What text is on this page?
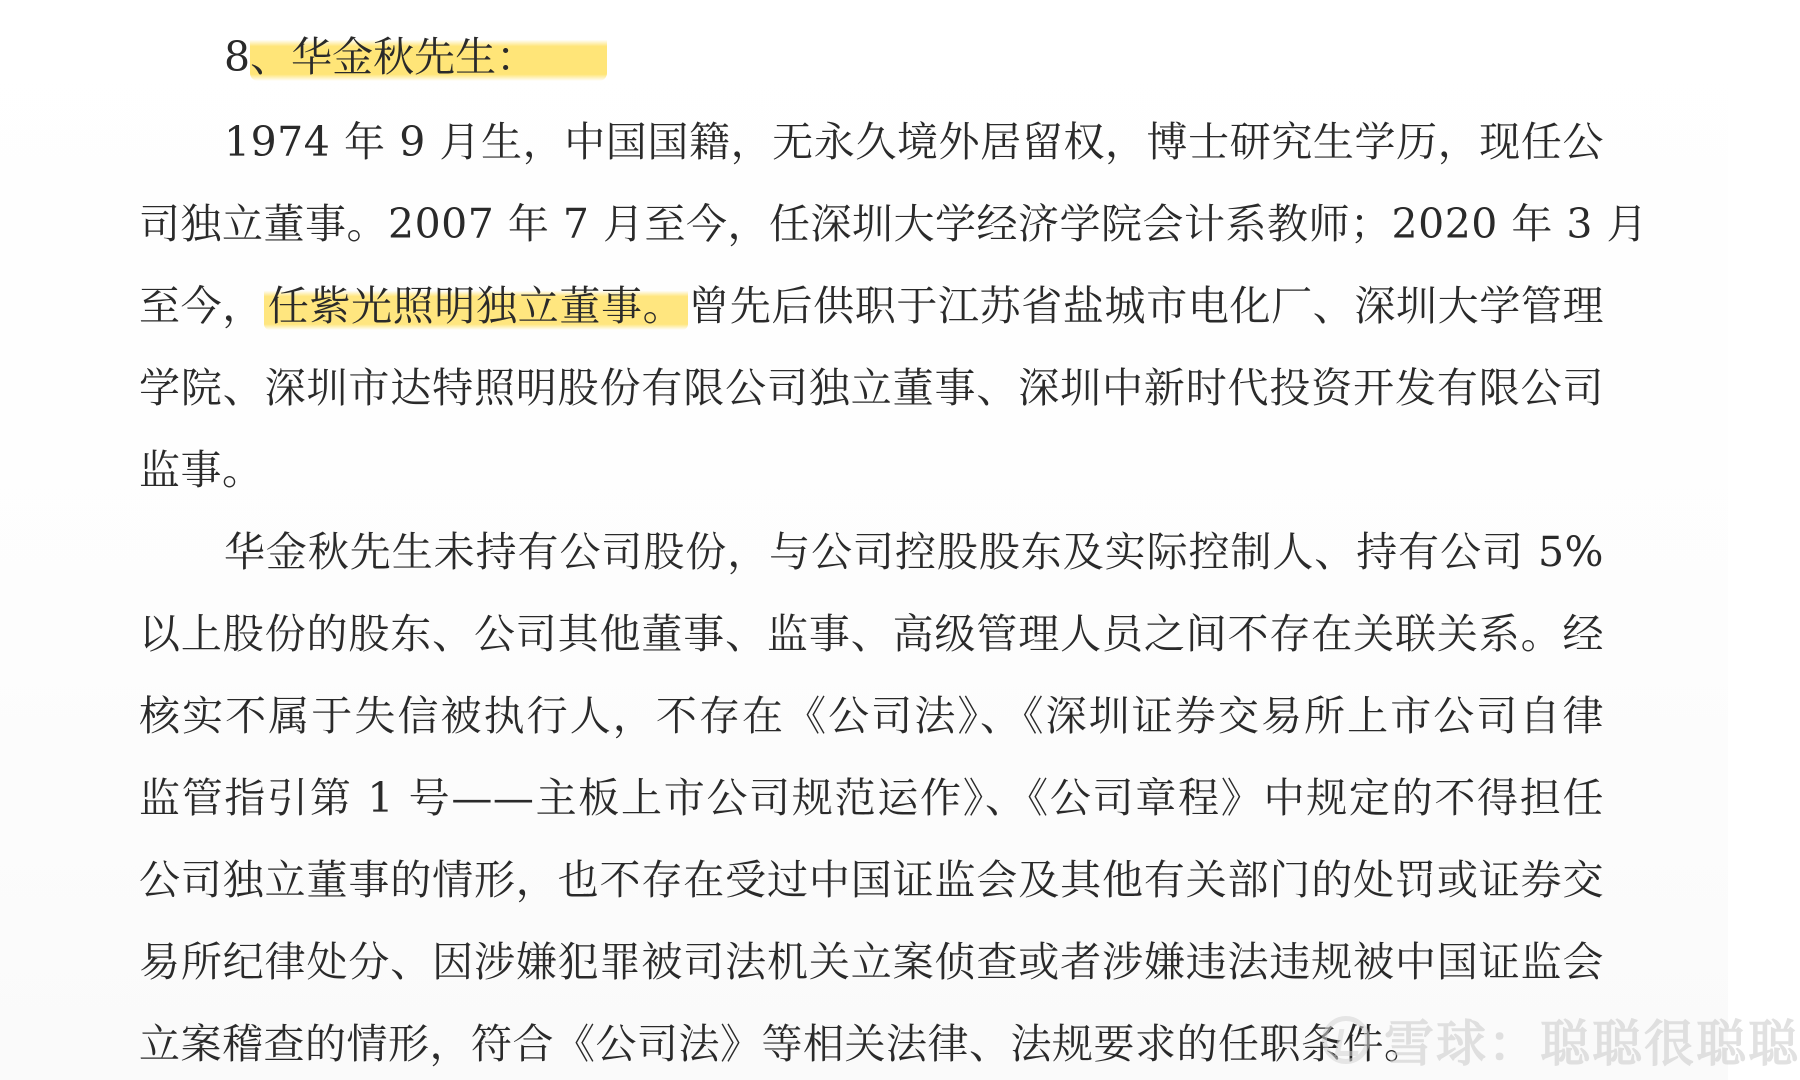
8、华金秋先生：
1974 年 9 月生，中国国籍，无永久境外居留权，博士研究生学历，现任公
司独立董事。2007 年 7 月至今，任深圳大学经济学院会计系教师；2020 年 3 月
至今，任紫光照明独立董事。曾先后供职于江苏省盐城市电化厂、深圳大学管理
学院、深圳市达特照明股份有限公司独立董事、深圳中新时代投资开发有限公司
监事。
华金秋先生未持有公司股份，与公司控股股东及实际控制人、持有公司 5%
以上股份的股东、公司其他董事、监事、高级管理人员之间不存在关联关系。经
核实不属于失信被执行人，不存在《公司法》、《深圳证券交易所上市公司自律
监管指引第 1 号——主板上市公司规范运作》、《公司章程》中规定的不得担任
公司独立董事的情形，也不存在受过中国证监会及其他有关部门的处罚或证券交
易所纪律处分、因涉嫌犯罪被司法机关立案侦查或者涉嫌违法违规被中国证监会
立案稽查的情形，符合《公司法》等相关法律、法规要求的任职条件。
雪球：聪聪很聪聪
